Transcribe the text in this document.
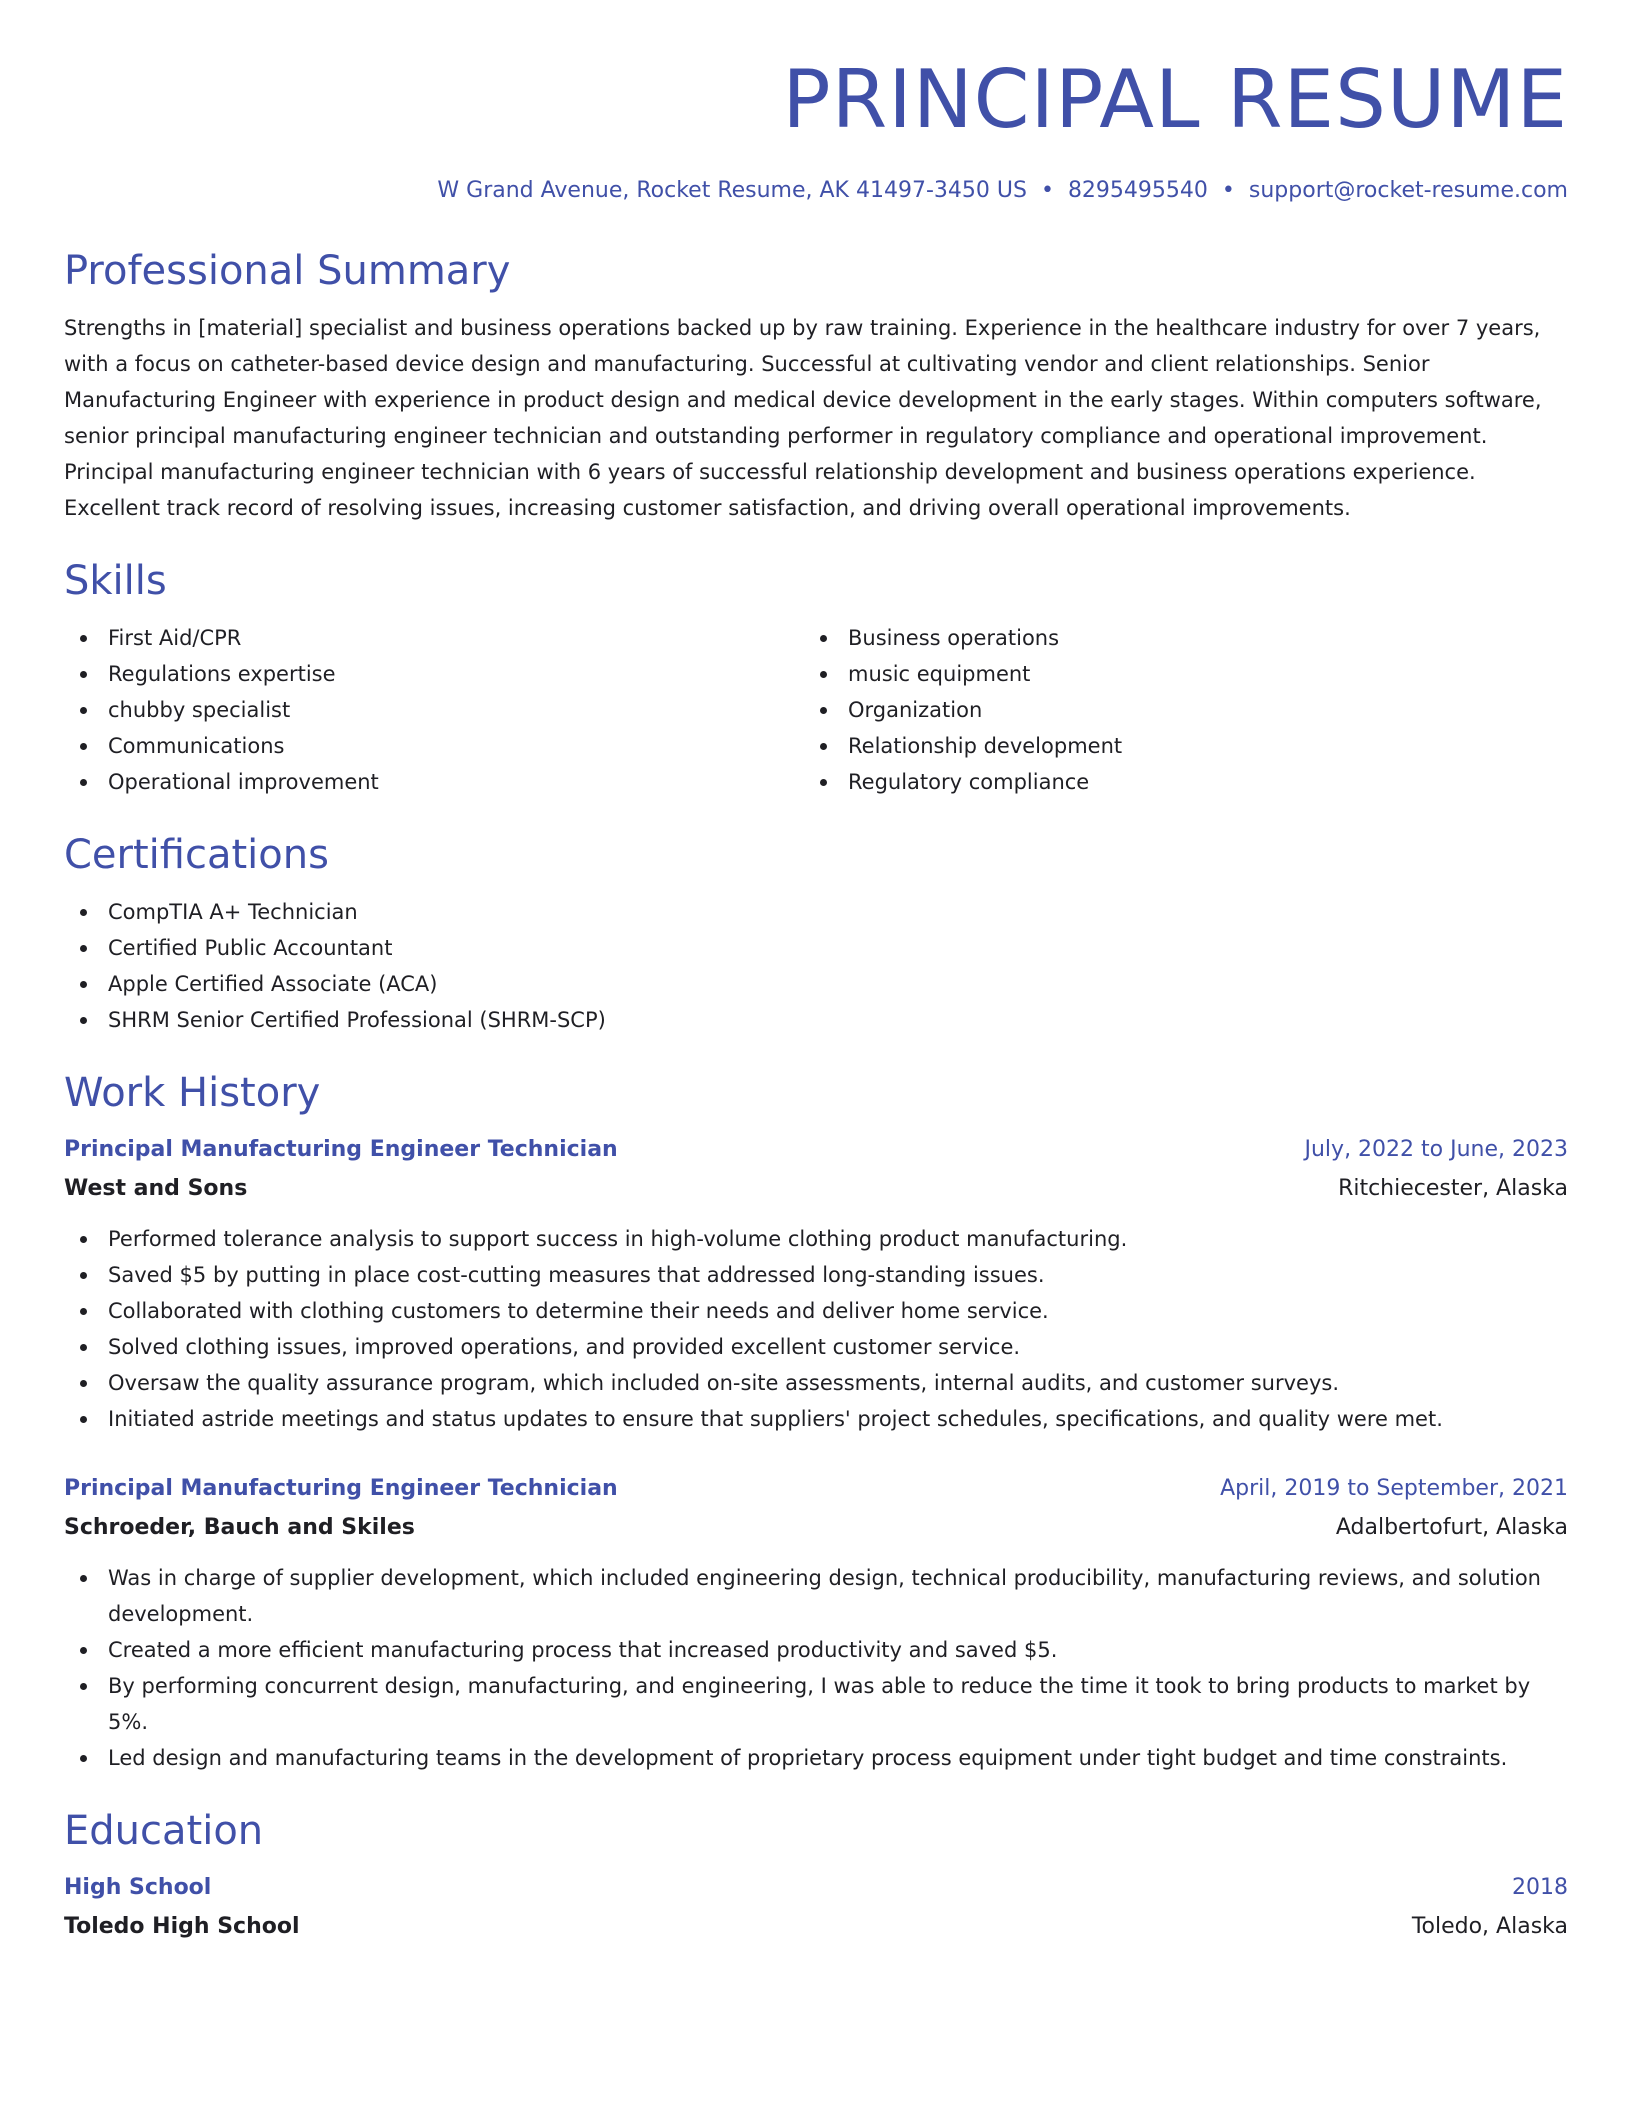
PRINCIPAL RESUME
W Grand Avenue, Rocket Resume, AK 41497-3450 US • 8295495540 • support@rocket-resume.com
Professional Summary
Strengths in [material] specialist and business operations backed up by raw training. Experience in the healthcare industry for over 7 years, with a focus on catheter-based device design and manufacturing. Successful at cultivating vendor and client relationships. Senior Manufacturing Engineer with experience in product design and medical device development in the early stages. Within computers software, senior principal manufacturing engineer technician and outstanding performer in regulatory compliance and operational improvement. Principal manufacturing engineer technician with 6 years of successful relationship development and business operations experience. Excellent track record of resolving issues, increasing customer satisfaction, and driving overall operational improvements.
Skills
First Aid/CPR
Regulations expertise
chubby specialist
Communications
Operational improvement
Business operations
music equipment
Organization
Relationship development
Regulatory compliance
Certifications
CompTIA A+ Technician
Certified Public Accountant
Apple Certified Associate (ACA)
SHRM Senior Certified Professional (SHRM-SCP)
Work History
Principal Manufacturing Engineer Technician	July, 2022 to June, 2023
West and Sons	Ritchiecester, Alaska
Performed tolerance analysis to support success in high-volume clothing product manufacturing.
Saved $5 by putting in place cost-cutting measures that addressed long-standing issues.
Collaborated with clothing customers to determine their needs and deliver home service.
Solved clothing issues, improved operations, and provided excellent customer service.
Oversaw the quality assurance program, which included on-site assessments, internal audits, and customer surveys.
Initiated astride meetings and status updates to ensure that suppliers' project schedules, specifications, and quality were met.
Principal Manufacturing Engineer Technician	April, 2019 to September, 2021
Schroeder, Bauch and Skiles	Adalbertofurt, Alaska
Was in charge of supplier development, which included engineering design, technical producibility, manufacturing reviews, and solution development.
Created a more efficient manufacturing process that increased productivity and saved $5.
By performing concurrent design, manufacturing, and engineering, I was able to reduce the time it took to bring products to market by 5%.
Led design and manufacturing teams in the development of proprietary process equipment under tight budget and time constraints.
Education
High School	2018
Toledo High School	Toledo, Alaska
